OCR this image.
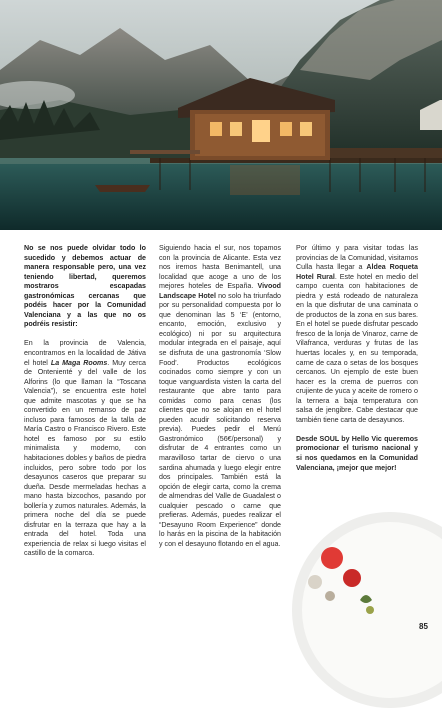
No se nos puede olvidar todo lo sucedido y debemos actuar de manera responsable pero, una vez teniendo libertad, queremos mostraros escapadas gastronómicas cercanas que podéis hacer por la Comunidad Valenciana y a las que no os podréis resistir:

En la provincia de Valencia, encontramos en la localidad de Játiva el hotel La Maga Rooms. Muy cerca de Ontenienté y del valle de los Alforins (lo que llaman la “Toscana Valencia”), se encuentra este hotel que admite mascotas y que se ha convertido en un remanso de paz incluso para famosos de la talla de María Castro o Francisco Rivero. Este hotel es famoso por su estilo minimalista y moderno, con habitaciones dobles y baños de piedra incluidos, pero sobre todo por los desayunos caseros que preparar su dueña. Desde mermeladas hechas a mano hasta bizcochos, pasando por bollería y zumos naturales. Además, la primera noche del día se puede disfrutar en la terraza que hay a la entrada del hotel. Toda una experiencia de relax si luego visitas el castillo de la comarca.

Siguiendo hacia el sur, nos topamos con la provincia de Alicante. Esta vez nos iremos hasta Benimantell, una localidad que acoge a uno de los mejores hoteles de España. Vivood Landscape Hotel no solo ha triunfado por su personalidad compuesta por lo que denominan las 5 ‘E’ (entorno, encanto, emoción, exclusivo y ecológico) ni por su arquitectura modular integrada en el paisaje, aquí se disfruta de una gastronomía ‘Slow Food’. Productos ecológicos cocinados como siempre y con un toque vanguardista visten la carta del restaurante que abre tanto para comidas como para cenas (los clientes que no se alojan en el hotel pueden acudir solicitando reserva previa). Puedes pedir el Menú Gastronómico (56€/personal) y disfrutar de 4 entrantes como un maravilloso tartar de ciervo o una sardina ahumada y luego elegir entre dos principales. También está la opción de elegir carta, como la crema de almendras del Valle de Guadalest o cualquier pescado o carne que prefieras. Además, puedes realizar el “Desayuno Room Experience” donde lo harás en la piscina de la habitación y con el desayuno flotando en el agua.

Por último y para visitar todas las provincias de la Comunidad, visitamos Culla hasta llegar a Aldea Roqueta Hotel Rural. Este hotel en medio del campo cuenta con habitaciones de piedra y está rodeado de naturaleza en la que disfrutar de una caminata o de productos de la zona en sus bares. En el hotel se puede disfrutar pescado fresco de la lonja de Vinaroz, carne de Vilafranca, verduras y frutas de las huertas locales y, en su temporada, carne de caza o setas de los bosques cercanos. Un ejemplo de este buen hacer es la crema de puerros con crujiente de yuca y aceite de romero o la ternera a baja temperatura con salsa de jengibre. Cabe destacar que también tiene carta de desayunos.

Desde SOUL by Hello Vic queremos promocionar el turismo nacional y si nos quedamos en la Comunidad Valenciana, ¡mejor que mejor!

85
